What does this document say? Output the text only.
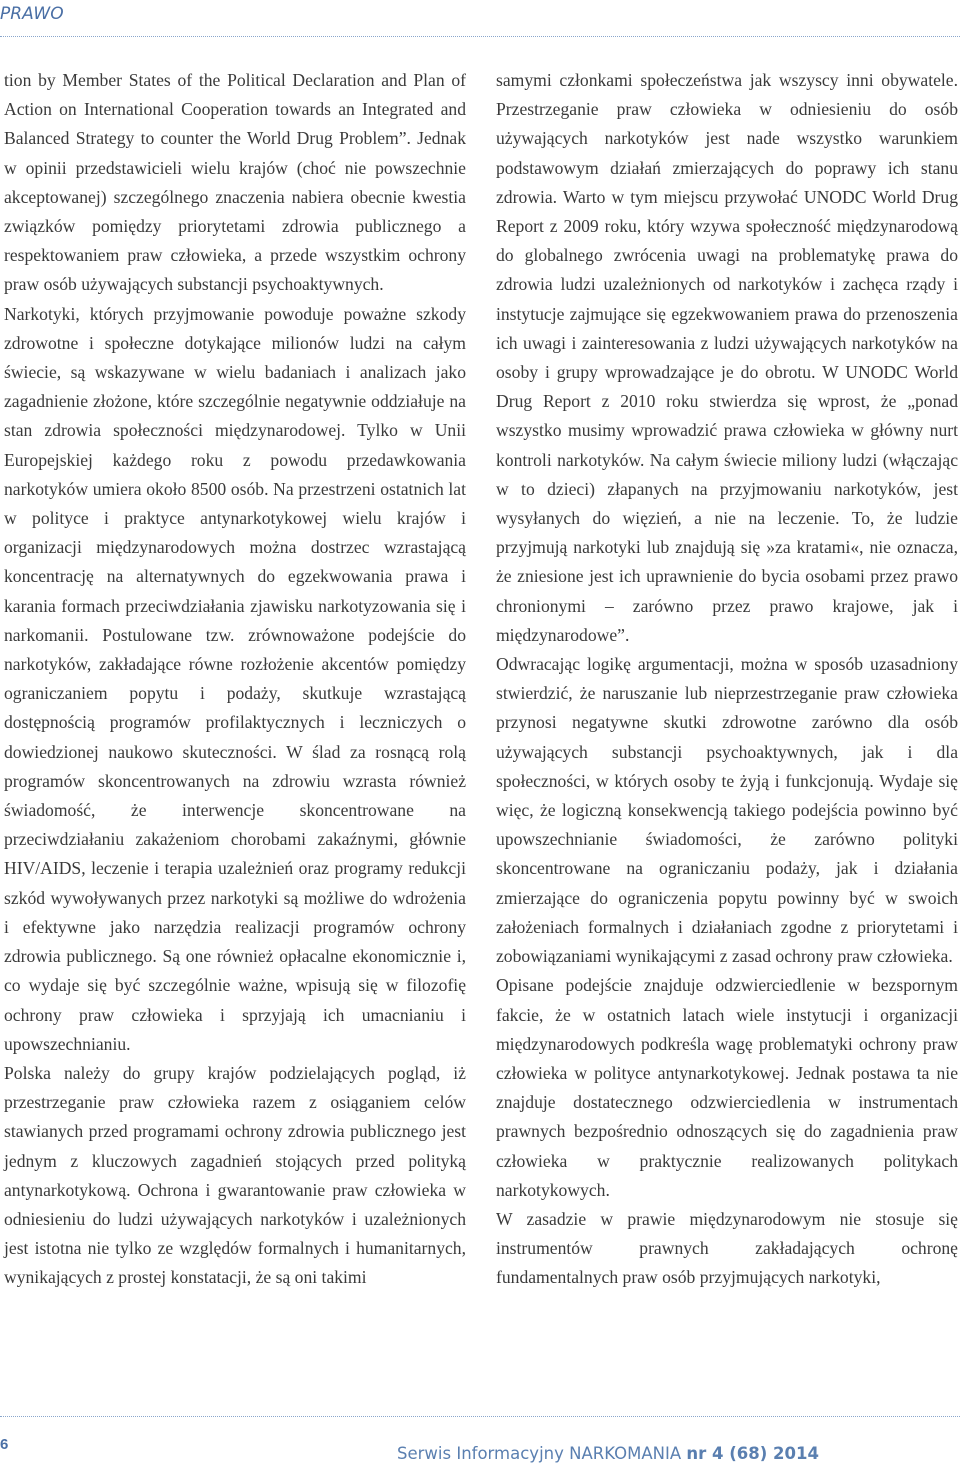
PRAWO

tion by Member States of the Political Declaration and Plan of Action on International Cooperation towards an Integrated and Balanced Strategy to counter the World Drug Problem”. Jednak w opinii przedstawicieli wielu krajów (choć nie powszechnie akceptowanej) szczególnego znaczenia nabiera obecnie kwestia związków pomiędzy priorytetami zdrowia publicznego a respektowaniem praw człowieka, a przede wszystkim ochrony praw osób używających substancji psychoaktywnych.

Narkotyki, których przyjmowanie powoduje poważne szkody zdrowotne i społeczne dotykające milionów ludzi na całym świecie, są wskazywane w wielu badaniach i analizach jako zagadnienie złożone, które szczególnie negatywnie oddziałuje na stan zdrowia społeczności międzynarodowej. Tylko w Unii Europejskiej każdego roku z powodu przedawkowania narkotyków umiera około 8500 osób. Na przestrzeni ostatnich lat w polityce i praktyce antynarkotykowej wielu krajów i organizacji międzynarodowych można dostrzec wzrastającą koncentrację na alternatywnych do egzekwowania prawa i karania formach przeciwdziałania zjawisku narkotyzowania się i narkomanii. Postulowane tzw. zrównoważone podejście do narkotyków, zakładające równe rozłożenie akcentów pomiędzy ograniczaniem popytu i podaży, skutkuje wzrastającą dostępnością programów profilaktycznych i leczniczych o dowiedzionej naukowo skuteczności. W ślad za rosnącą rolą programów skoncentrowanych na zdrowiu wzrasta również świadomość, że interwencje skoncentrowane na przeciwdziałaniu zakażeniom chorobami zakaźnymi, głównie HIV/AIDS, leczenie i terapia uzależnień oraz programy redukcji szkód wywoływanych przez narkotyki są możliwe do wdrożenia i efektywne jako narzędzia realizacji programów ochrony zdrowia publicznego. Są one również opłacalne ekonomicznie i, co wydaje się być szczególnie ważne, wpisują się w filozofię ochrony praw człowieka i sprzyjają ich umacnianiu i upowszechnianiu.

Polska należy do grupy krajów podzielających pogląd, iż przestrzeganie praw człowieka razem z osiąganiem celów stawianych przed programami ochrony zdrowia publicznego jest jednym z kluczowych zagadnień stojących przed polityką antynarkotykową. Ochrona i gwarantowanie praw człowieka w odniesieniu do ludzi używających narkotyków i uzależnionych jest istotna nie tylko ze względów formalnych i humanitarnych, wynikających z prostej konstatacji, że są oni takimi

samymi członkami społeczeństwa jak wszyscy inni obywatele. Przestrzeganie praw człowieka w odniesieniu do osób używających narkotyków jest nade wszystko warunkiem podstawowym działań zmierzających do poprawy ich stanu zdrowia. Warto w tym miejscu przywołać UNODC World Drug Report z 2009 roku, który wzywa społeczność międzynarodową do globalnego zwrócenia uwagi na problematykę prawa do zdrowia ludzi uzależnionych od narkotyków i zachęca rządy i instytucje zajmujące się egzekwowaniem prawa do przenoszenia ich uwagi i zainteresowania z ludzi używających narkotyków na osoby i grupy wprowadzające je do obrotu. W UNODC World Drug Report z 2010 roku stwierdza się wprost, że „ponad wszystko musimy wprowadzić prawa człowieka w główny nurt kontroli narkotyków. Na całym świecie miliony ludzi (włączając w to dzieci) złapanych na przyjmowaniu narkotyków, jest wysyłanych do więzień, a nie na leczenie. To, że ludzie przyjmują narkotyki lub znajdują się »za kratami«, nie oznacza, że zniesione jest ich uprawnienie do bycia osobami przez prawo chronionymi – zarówno przez prawo krajowe, jak i międzynarodowe”.

Odwracając logikę argumentacji, można w sposób uzasadniony stwierdzić, że naruszanie lub nieprzestrzeganie praw człowieka przynosi negatywne skutki zdrowotne zarówno dla osób używających substancji psychoaktywnych, jak i dla społeczności, w których osoby te żyją i funkcjonują. Wydaje się więc, że logiczną konsekwencją takiego podejścia powinno być upowszechnianie świadomości, że zarówno polityki skoncentrowane na ograniczaniu podaży, jak i działania zmierzające do ograniczenia popytu powinny być w swoich założeniach formalnych i działaniach zgodne z priorytetami i zobowiązaniami wynikającymi z zasad ochrony praw człowieka.

Opisane podejście znajduje odzwierciedlenie w bezspornym fakcie, że w ostatnich latach wiele instytucji i organizacji międzynarodowych podkreśla wagę problematyki ochrony praw człowieka w polityce antynarkotykowej. Jednak postawa ta nie znajduje dostatecznego odzwierciedlenia w instrumentach prawnych bezpośrednio odnoszących się do zagadnienia praw człowieka w praktycznie realizowanych politykach narkotykowych.

W zasadzie w prawie międzynarodowym nie stosuje się instrumentów prawnych zakładających ochronę fundamentalnych praw osób przyjmujących narkotyki,

6	Serwis Informacyjny NARKOMANIA nr 4 (68) 2014
